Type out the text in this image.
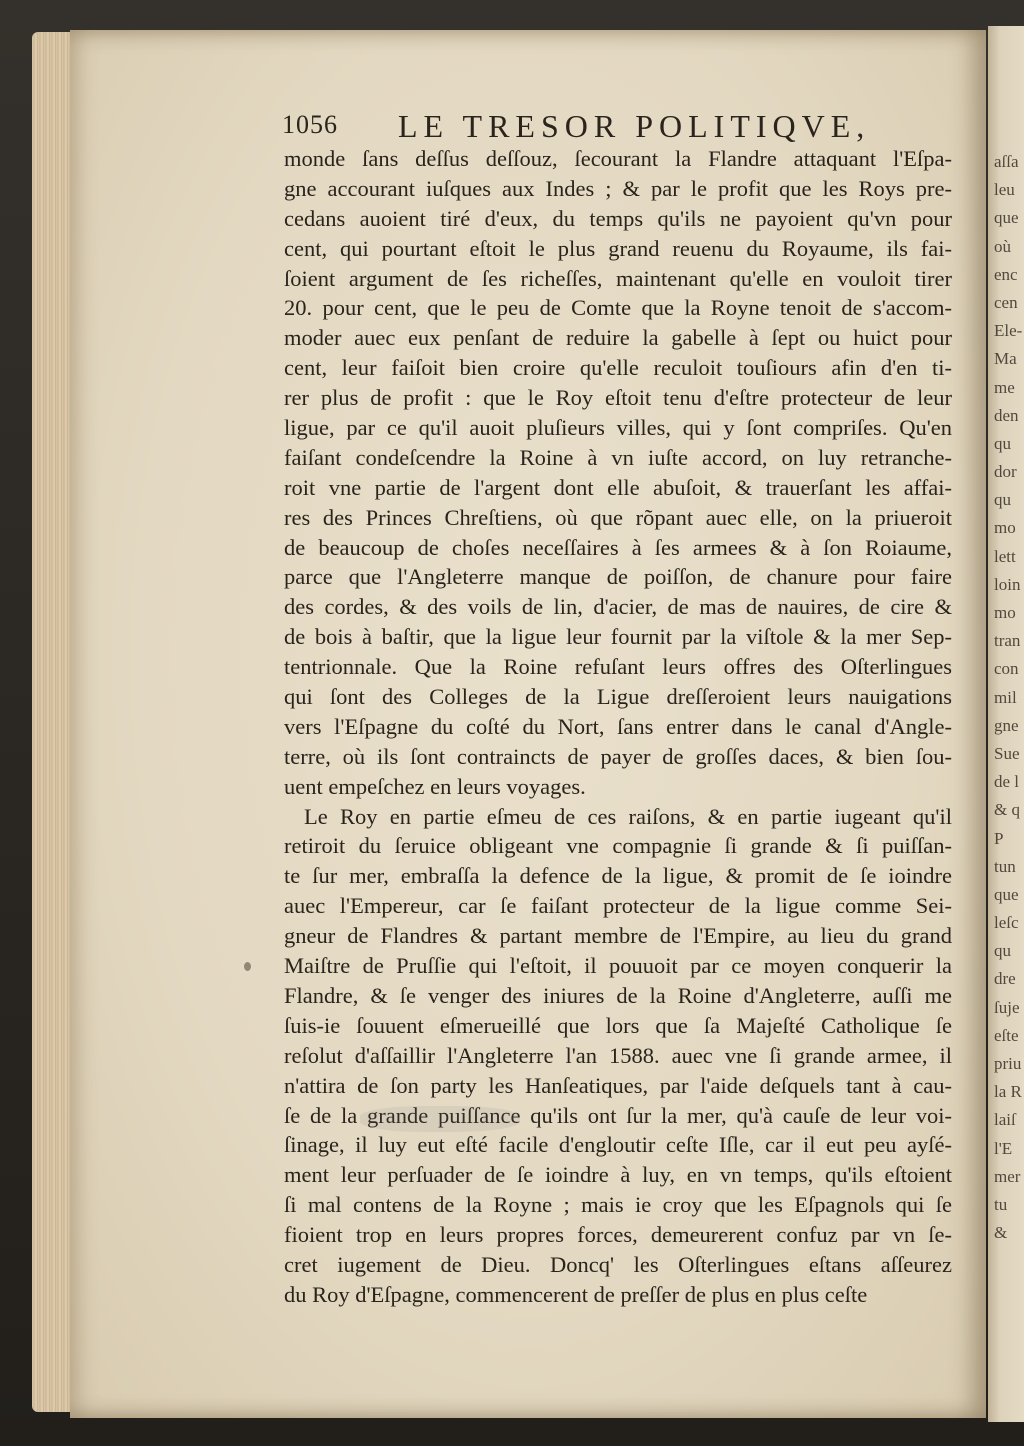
aſſa
leu
que
où
enc
cen
Ele-
Ma
me
den
qu
dor
qu
mo
lett
loin
mo
tran
con
mil
gne
Sue
de l
& q
P
tun
que
leſc
qu
dre
ſuje
eſte
priu
la R
laiſ
l'E
mer
tu
&
1056 LE TRESOR POLITIQVE,
monde ſans deſſus deſſouz, ſecourant la Flandre attaquant l'Eſpa-
gne accourant iuſques aux Indes ; & par le profit que les Roys pre-
cedans auoient tiré d'eux, du temps qu'ils ne payoient qu'vn pour
cent, qui pourtant eſtoit le plus grand reuenu du Royaume, ils fai-
ſoient argument de ſes richeſſes, maintenant qu'elle en vouloit tirer
20. pour cent, que le peu de Comte que la Royne tenoit de s'accom-
moder auec eux penſant de reduire la gabelle à ſept ou huict pour
cent, leur faiſoit bien croire qu'elle reculoit touſiours afin d'en ti-
rer plus de profit : que le Roy eſtoit tenu d'eſtre protecteur de leur
ligue, par ce qu'il auoit pluſieurs villes, qui y ſont compriſes. Qu'en
faiſant condeſcendre la Roine à vn iuſte accord, on luy retranche-
roit vne partie de l'argent dont elle abuſoit, & trauerſant les affai-
res des Princes Chreſtiens, où que rõpant auec elle, on la priueroit
de beaucoup de choſes neceſſaires à ſes armees & à ſon Roiaume,
parce que l'Angleterre manque de poiſſon, de chanure pour faire
des cordes, & des voils de lin, d'acier, de mas de nauires, de cire &
de bois à baſtir, que la ligue leur fournit par la viſtole & la mer Sep-
tentrionnale. Que la Roine refuſant leurs offres des Oſterlingues
qui ſont des Colleges de la Ligue dreſſeroient leurs nauigations
vers l'Eſpagne du coſté du Nort, ſans entrer dans le canal d'Angle-
terre, où ils ſont contraincts de payer de groſſes daces, & bien ſou-
uent empeſchez en leurs voyages.
Le Roy en partie eſmeu de ces raiſons, & en partie iugeant qu'il
retiroit du ſeruice obligeant vne compagnie ſi grande & ſi puiſſan-
te ſur mer, embraſſa la defence de la ligue, & promit de ſe ioindre
auec l'Empereur, car ſe faiſant protecteur de la ligue comme Sei-
gneur de Flandres & partant membre de l'Empire, au lieu du grand
Maiſtre de Pruſſie qui l'eſtoit, il pouuoit par ce moyen conquerir la
Flandre, & ſe venger des iniures de la Roine d'Angleterre, auſſi me
ſuis-ie ſouuent eſmerueillé que lors que ſa Majeſté Catholique ſe
reſolut d'aſſaillir l'Angleterre l'an 1588. auec vne ſi grande armee, il
n'attira de ſon party les Hanſeatiques, par l'aide deſquels tant à cau-
ſe de la grande puiſſance qu'ils ont ſur la mer, qu'à cauſe de leur voi-
ſinage, il luy eut eſté facile d'engloutir ceſte Iſle, car il eut peu ayſé-
ment leur perſuader de ſe ioindre à luy, en vn temps, qu'ils eſtoient
ſi mal contens de la Royne ; mais ie croy que les Eſpagnols qui ſe
fioient trop en leurs propres forces, demeurerent confuz par vn ſe-
cret iugement de Dieu. Doncq' les Oſterlingues eſtans aſſeurez
du Roy d'Eſpagne, commencerent de preſſer de plus en plus ceſte
